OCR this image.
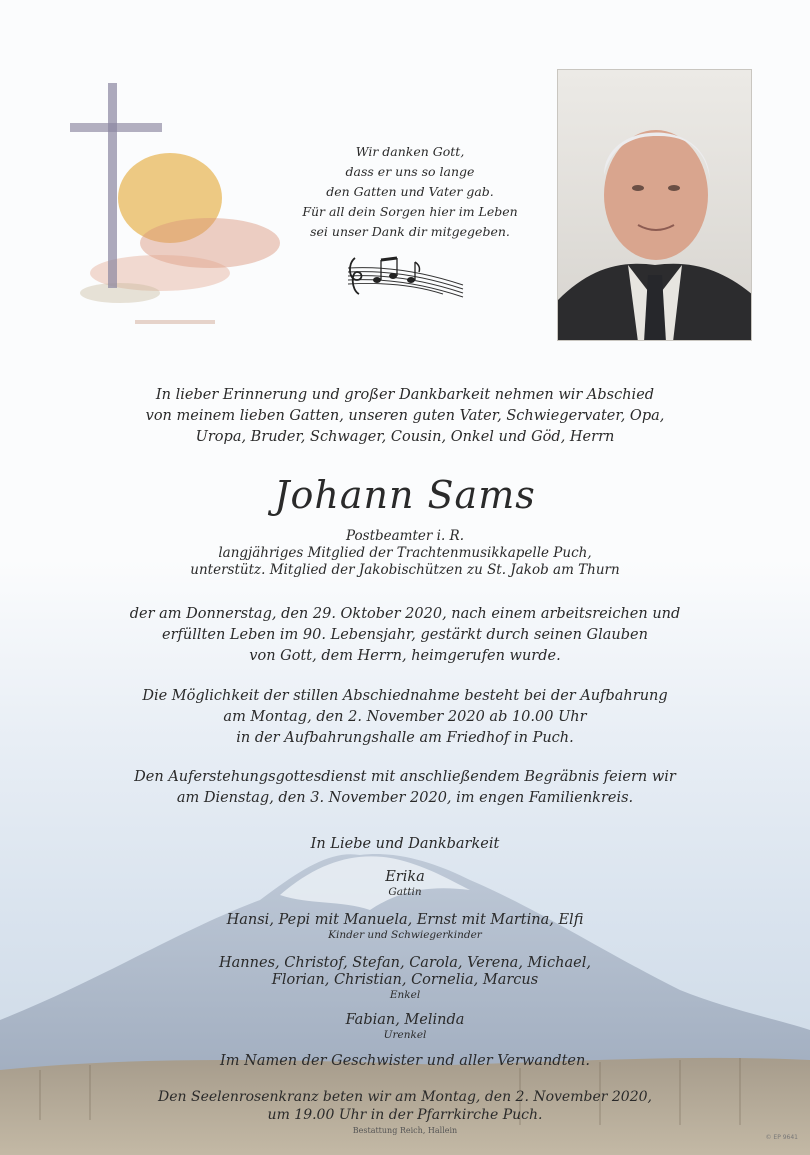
Wir danken Gott,
dass er uns so lange
den Gatten und Vater gab.
Für all dein Sorgen hier im Leben
sei unser Dank dir mitgegeben.
In lieber Erinnerung und großer Dankbarkeit nehmen wir Abschied
von meinem lieben Gatten, unseren guten Vater, Schwiegervater, Opa,
Uropa, Bruder, Schwager, Cousin, Onkel und Göd, Herrn
Johann Sams
Postbeamter i. R.
langjähriges Mitglied der Trachtenmusikkapelle Puch,
unterstütz. Mitglied der Jakobischützen zu St. Jakob am Thurn
der am Donnerstag, den 29. Oktober 2020, nach einem arbeitsreichen und
erfüllten Leben im 90. Lebensjahr, gestärkt durch seinen Glauben
von Gott, dem Herrn, heimgerufen wurde.
Die Möglichkeit der stillen Abschiednahme besteht bei der Aufbahrung
am Montag, den 2. November 2020 ab 10.00 Uhr
in der Aufbahrungshalle am Friedhof in Puch.
Den Auferstehungsgottesdienst mit anschließendem Begräbnis feiern wir
am Dienstag, den 3. November 2020, im engen Familienkreis.
In Liebe und Dankbarkeit
Erika
Gattin
Hansi, Pepi mit Manuela, Ernst mit Martina, Elfi
Kinder und Schwiegerkinder
Hannes, Christof, Stefan, Carola, Verena, Michael,
Florian, Christian, Cornelia, Marcus
Enkel
Fabian, Melinda
Urenkel
Im Namen der Geschwister und aller Verwandten.
Den Seelenrosenkranz beten wir am Montag, den 2. November 2020,
um 19.00 Uhr in der Pfarrkirche Puch.
Bestattung Reich, Hallein
© EP 9641
